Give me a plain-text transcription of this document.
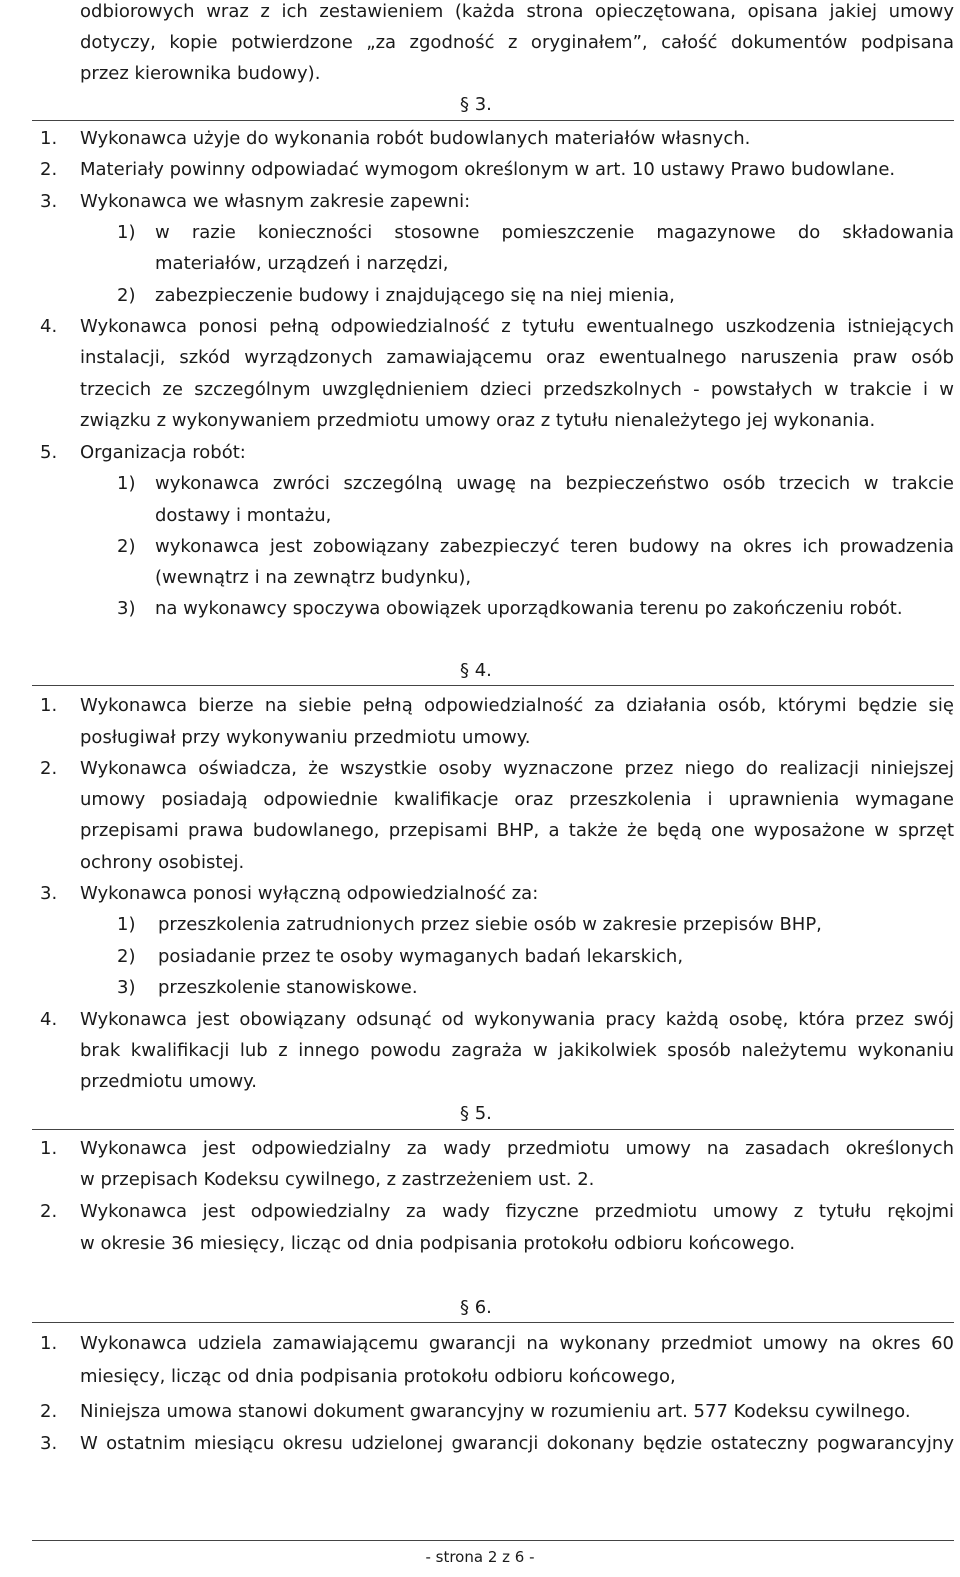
odbiorowych wraz z ich zestawieniem (każda strona opieczętowana, opisana jakiej umowy
dotyczy, kopie potwierdzone „za zgodność z oryginałem”, całość dokumentów podpisana
przez kierownika budowy).
§ 3.
1. Wykonawca użyje do wykonania robót budowlanych materiałów własnych.
2. Materiały powinny odpowiadać wymogom określonym w art. 10 ustawy Prawo budowlane.
3. Wykonawca we własnym zakresie zapewni:
1) w razie konieczności stosowne pomieszczenie magazynowe do składowania
materiałów, urządzeń i narzędzi,
2) zabezpieczenie budowy i znajdującego się na niej mienia,
4. Wykonawca ponosi pełną odpowiedzialność z tytułu ewentualnego uszkodzenia istniejących
instalacji, szkód wyrządzonych zamawiającemu oraz ewentualnego naruszenia praw osób
trzecich ze szczególnym uwzględnieniem dzieci przedszkolnych - powstałych w trakcie i w
związku z wykonywaniem przedmiotu umowy oraz z tytułu nienależytego jej wykonania.
5. Organizacja robót:
1) wykonawca zwróci szczególną uwagę na bezpieczeństwo osób trzecich w trakcie
dostawy i montażu,
2) wykonawca jest zobowiązany zabezpieczyć teren budowy na okres ich prowadzenia
(wewnątrz i na zewnątrz budynku),
3) na wykonawcy spoczywa obowiązek uporządkowania terenu po zakończeniu robót.
§ 4.
1. Wykonawca bierze na siebie pełną odpowiedzialność za działania osób, którymi będzie się
posługiwał przy wykonywaniu przedmiotu umowy.
2. Wykonawca oświadcza, że wszystkie osoby wyznaczone przez niego do realizacji niniejszej
umowy posiadają odpowiednie kwalifikacje oraz przeszkolenia i uprawnienia wymagane
przepisami prawa budowlanego, przepisami BHP, a także że będą one wyposażone w sprzęt
ochrony osobistej.
3. Wykonawca ponosi wyłączną odpowiedzialność za:
1) przeszkolenia zatrudnionych przez siebie osób w zakresie przepisów BHP,
2) posiadanie przez te osoby wymaganych badań lekarskich,
3) przeszkolenie stanowiskowe.
4. Wykonawca jest obowiązany odsunąć od wykonywania pracy każdą osobę, która przez swój
brak kwalifikacji lub z innego powodu zagraża w jakikolwiek sposób należytemu wykonaniu
przedmiotu umowy.
§ 5.
1. Wykonawca jest odpowiedzialny za wady przedmiotu umowy na zasadach określonych
w przepisach Kodeksu cywilnego, z zastrzeżeniem ust. 2.
2. Wykonawca jest odpowiedzialny za wady fizyczne przedmiotu umowy z tytułu rękojmi
w okresie 36 miesięcy, licząc od dnia podpisania protokołu odbioru końcowego.
§ 6.
1. Wykonawca udziela zamawiającemu gwarancji na wykonany przedmiot umowy na okres 60
miesięcy, licząc od dnia podpisania protokołu odbioru końcowego,
2. Niniejsza umowa stanowi dokument gwarancyjny w rozumieniu art. 577 Kodeksu cywilnego.
3. W ostatnim miesiącu okresu udzielonej gwarancji dokonany będzie ostateczny pogwarancyjny
- strona 2 z 6 -
